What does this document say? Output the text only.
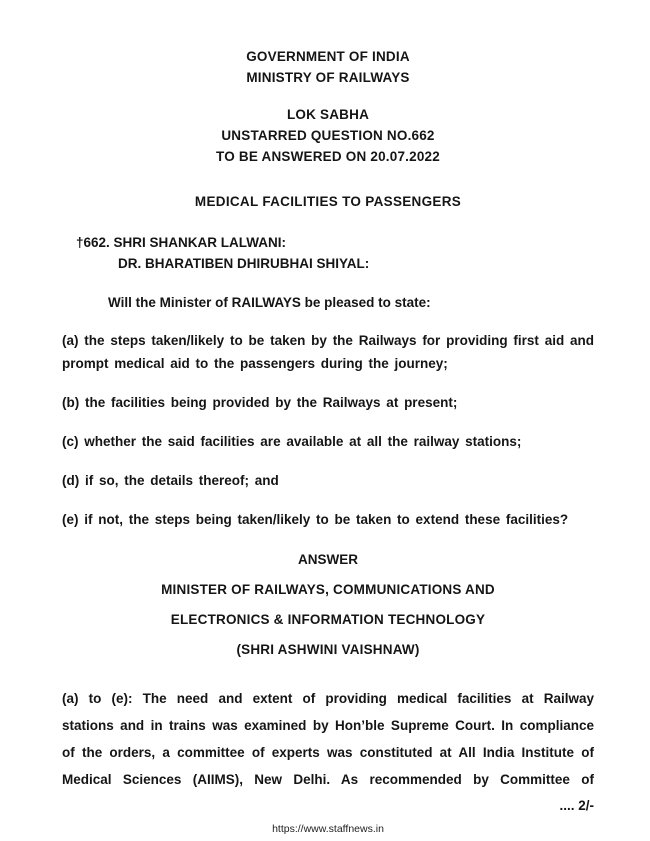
GOVERNMENT OF INDIA
MINISTRY OF RAILWAYS
LOK SABHA
UNSTARRED QUESTION NO.662
TO BE ANSWERED ON 20.07.2022
MEDICAL FACILITIES TO PASSENGERS
†662. SHRI SHANKAR LALWANI:
DR. BHARATIBEN DHIRUBHAI SHIYAL:
Will the Minister of RAILWAYS be pleased to state:
(a) the steps taken/likely to be taken by the Railways for providing first aid and prompt medical aid to the passengers during the journey;
(b) the facilities being provided by the Railways at present;
(c) whether the said facilities are available at all the railway stations;
(d) if so, the details thereof; and
(e) if not, the steps being taken/likely to be taken to extend these facilities?
ANSWER
MINISTER OF RAILWAYS, COMMUNICATIONS AND
ELECTRONICS & INFORMATION TECHNOLOGY
(SHRI ASHWINI VAISHNAW)
(a) to (e): The need and extent of providing medical facilities at Railway stations and in trains was examined by Hon’ble Supreme Court. In compliance of the orders, a committee of experts was constituted at All India Institute of Medical Sciences (AIIMS), New Delhi. As recommended by Committee of
.... 2/-
https://www.staffnews.in
